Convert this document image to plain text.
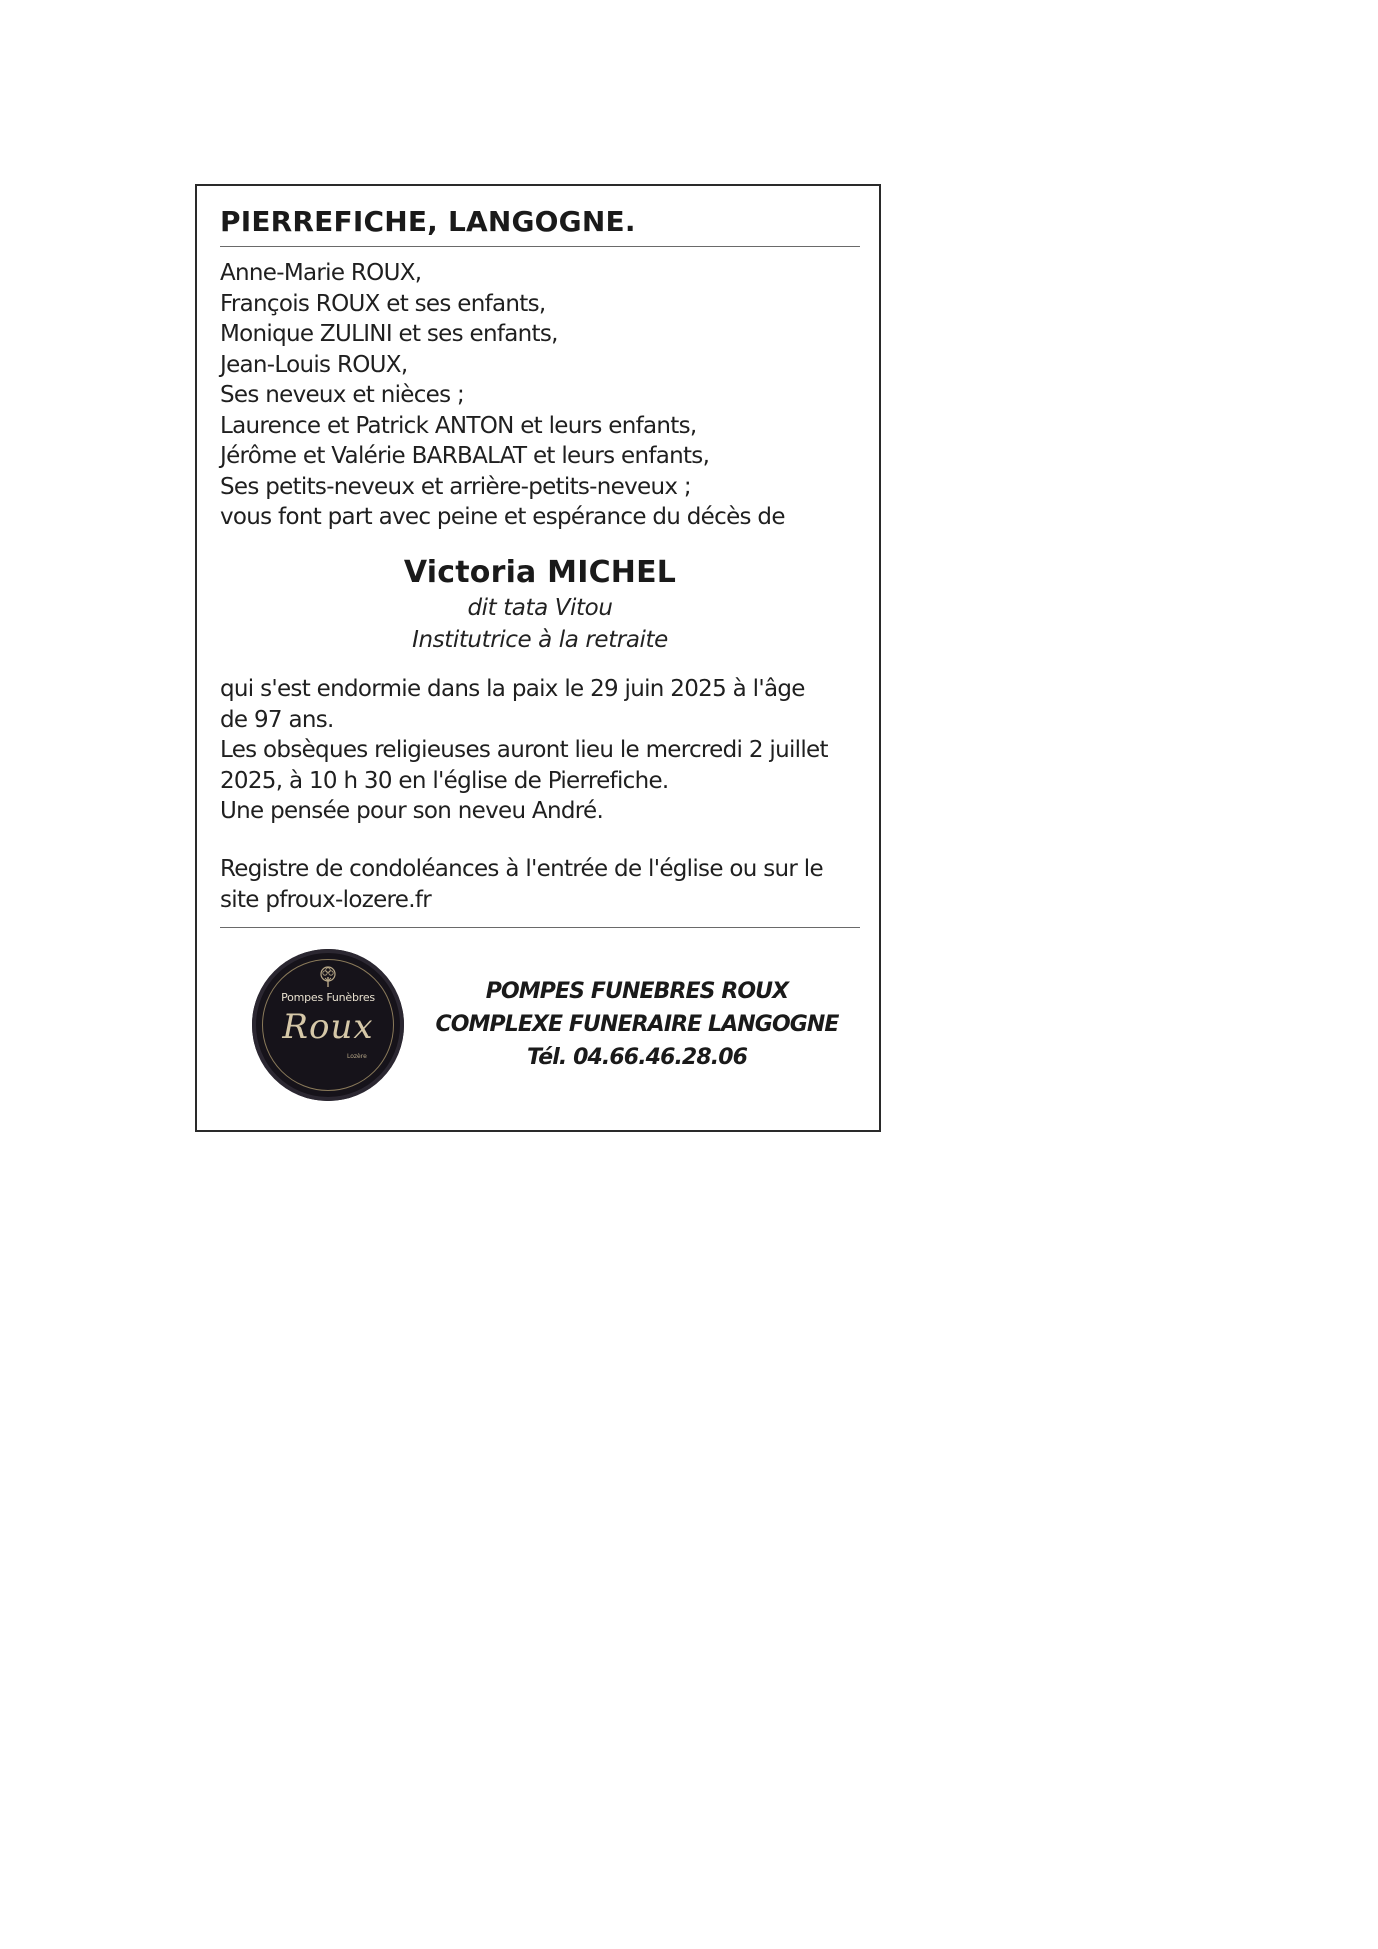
PIERREFICHE, LANGOGNE.
Anne-Marie ROUX,
François ROUX et ses enfants,
Monique ZULINI et ses enfants,
Jean-Louis ROUX,
Ses neveux et nièces ;
Laurence et Patrick ANTON et leurs enfants,
Jérôme et Valérie BARBALAT et leurs enfants,
Ses petits-neveux et arrière-petits-neveux ;
vous font part avec peine et espérance du décès de
Victoria MICHEL
dit tata Vitou
Institutrice à la retraite
qui s'est endormie dans la paix le 29 juin 2025 à l'âge
de 97 ans.
Les obsèques religieuses auront lieu le mercredi 2 juillet
2025, à 10 h 30 en l'église de Pierrefiche.
Une pensée pour son neveu André.
Registre de condoléances à l'entrée de l'église ou sur le
site pfroux-lozere.fr
Pompes Funèbres
Roux
Lozère
POMPES FUNEBRES ROUX
COMPLEXE FUNERAIRE LANGOGNE
Tél. 04.66.46.28.06
